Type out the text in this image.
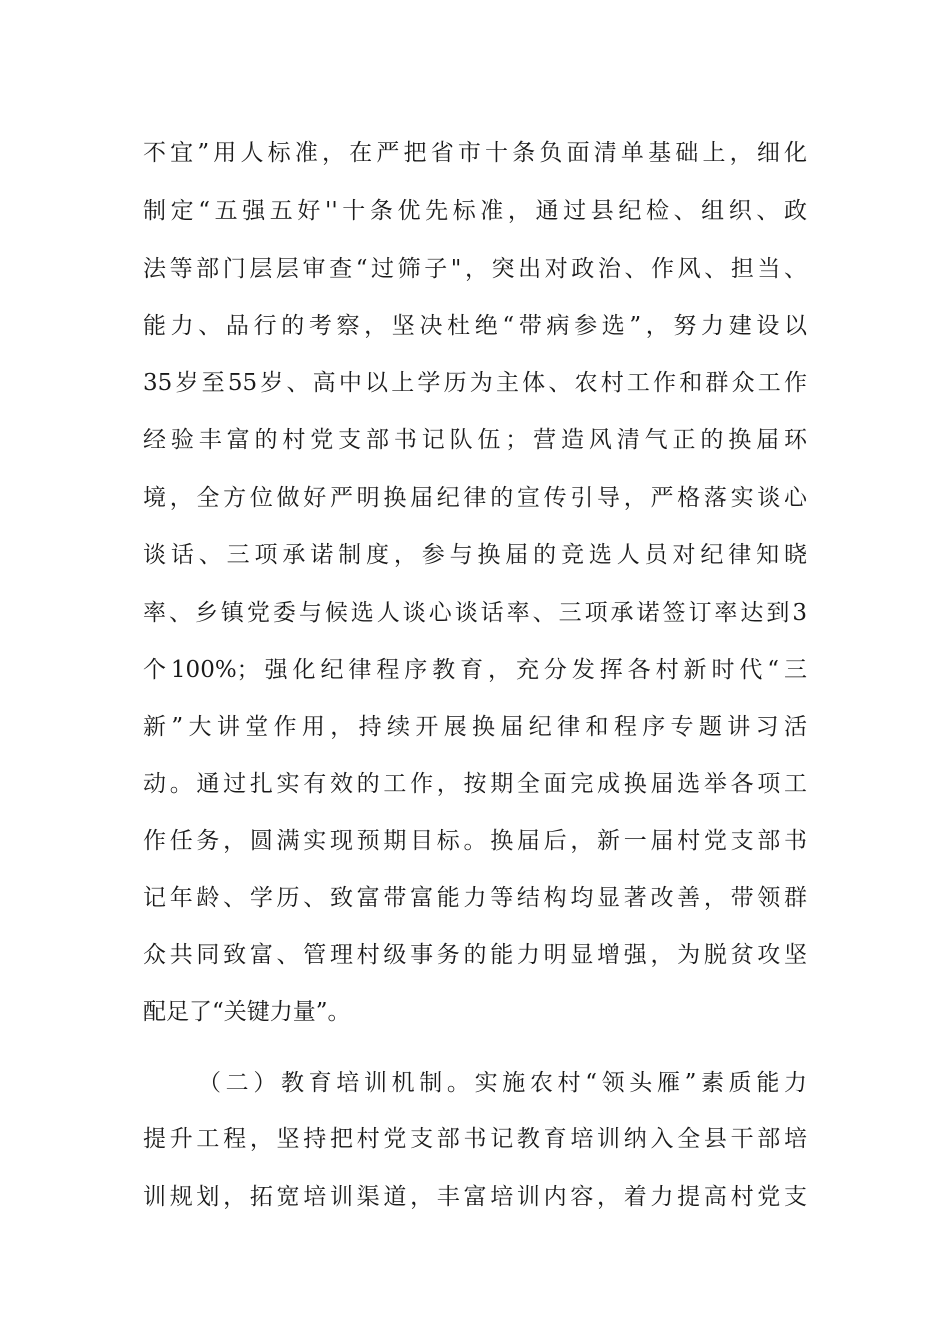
不宜”用人标准，在严把省市十条负面清单基础上，细化
制定“五强五好''十条优先标准，通过县纪检、组织、政
法等部门层层审查“过筛子"，突出对政治、作风、担当、
能力、品行的考察，坚决杜绝“带病参选”，努力建设以
35岁至55岁、高中以上学历为主体、农村工作和群众工作
经验丰富的村党支部书记队伍；营造风清气正的换届环
境，全方位做好严明换届纪律的宣传引导，严格落实谈心
谈话、三项承诺制度，参与换届的竞选人员对纪律知晓
率、乡镇党委与候选人谈心谈话率、三项承诺签订率达到3
个100%；强化纪律程序教育，充分发挥各村新时代“三
新”大讲堂作用，持续开展换届纪律和程序专题讲习活
动。通过扎实有效的工作，按期全面完成换届选举各项工
作任务，圆满实现预期目标。换届后，新一届村党支部书
记年龄、学历、致富带富能力等结构均显著改善，带领群
众共同致富、管理村级事务的能力明显增强，为脱贫攻坚
配足了“关键力量”。
（二）教育培训机制。实施农村“领头雁”素质能力
提升工程，坚持把村党支部书记教育培训纳入全县干部培
训规划，拓宽培训渠道，丰富培训内容，着力提高村党支
